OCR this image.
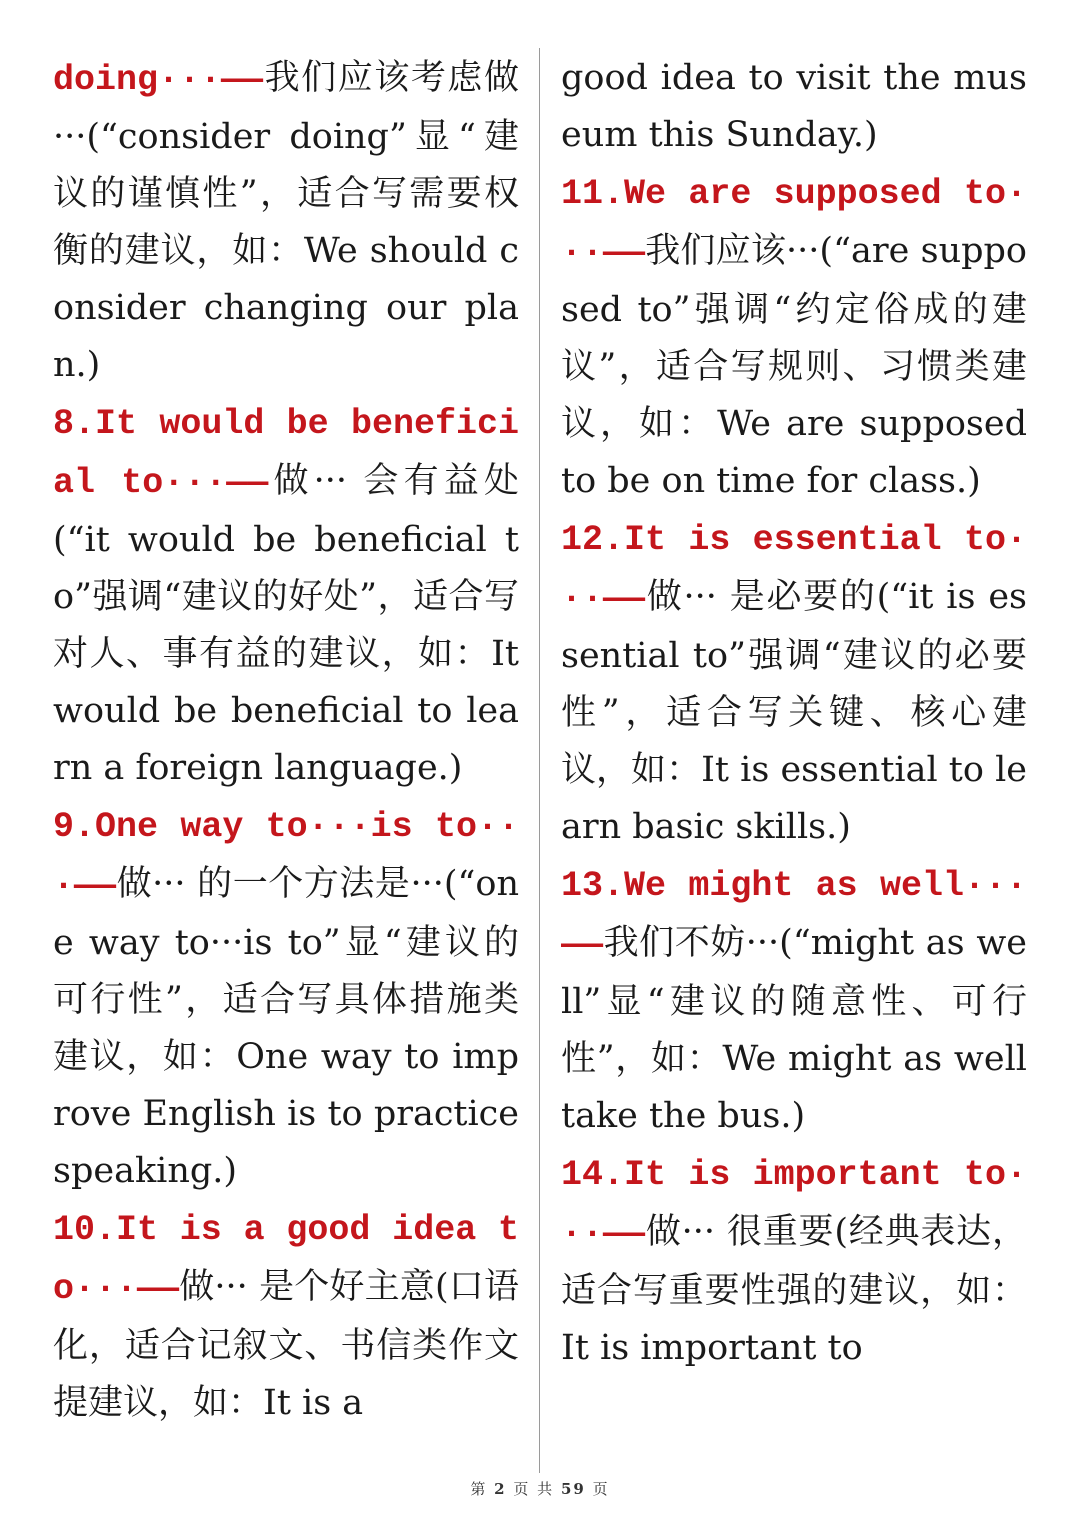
doing···——我们应该考虑做···(“consider doing”显“建议的谨慎性”，适合写需要权衡的建议，如：We should consider changing our plan.)

8.It would be beneficial to···——做··· 会有益处(“it would be beneficial to”强调“建议的好处”，适合写对人、事有益的建议，如：It would be beneficial to learn a foreign language.)

9.One way to···is to···——做··· 的一个方法是···(“one way to···is to”显“建议的可行性”，适合写具体措施类建议，如：One way to improve English is to practice speaking.)

10.It is a good idea to···——做··· 是个好主意(口语化，适合记叙文、书信类作文提建议，如：It is a

good idea to visit the museum this Sunday.)

11.We are supposed to···——我们应该···(“are supposed to”强调“约定俗成的建议”，适合写规则、习惯类建议，如：We are supposed to be on time for class.)

12.It is essential to···——做··· 是必要的(“it is essential to”强调“建议的必要性”，适合写关键、核心建议，如：It is essential to learn basic skills.)

13.We might as well···——我们不妨···(“might as well”显“建议的随意性、可行性”，如：We might as well take the bus.)

14.It is important to···——做··· 很重要(经典表达，适合写重要性强的建议，如：It is important to

第 2 页 共 59 页
